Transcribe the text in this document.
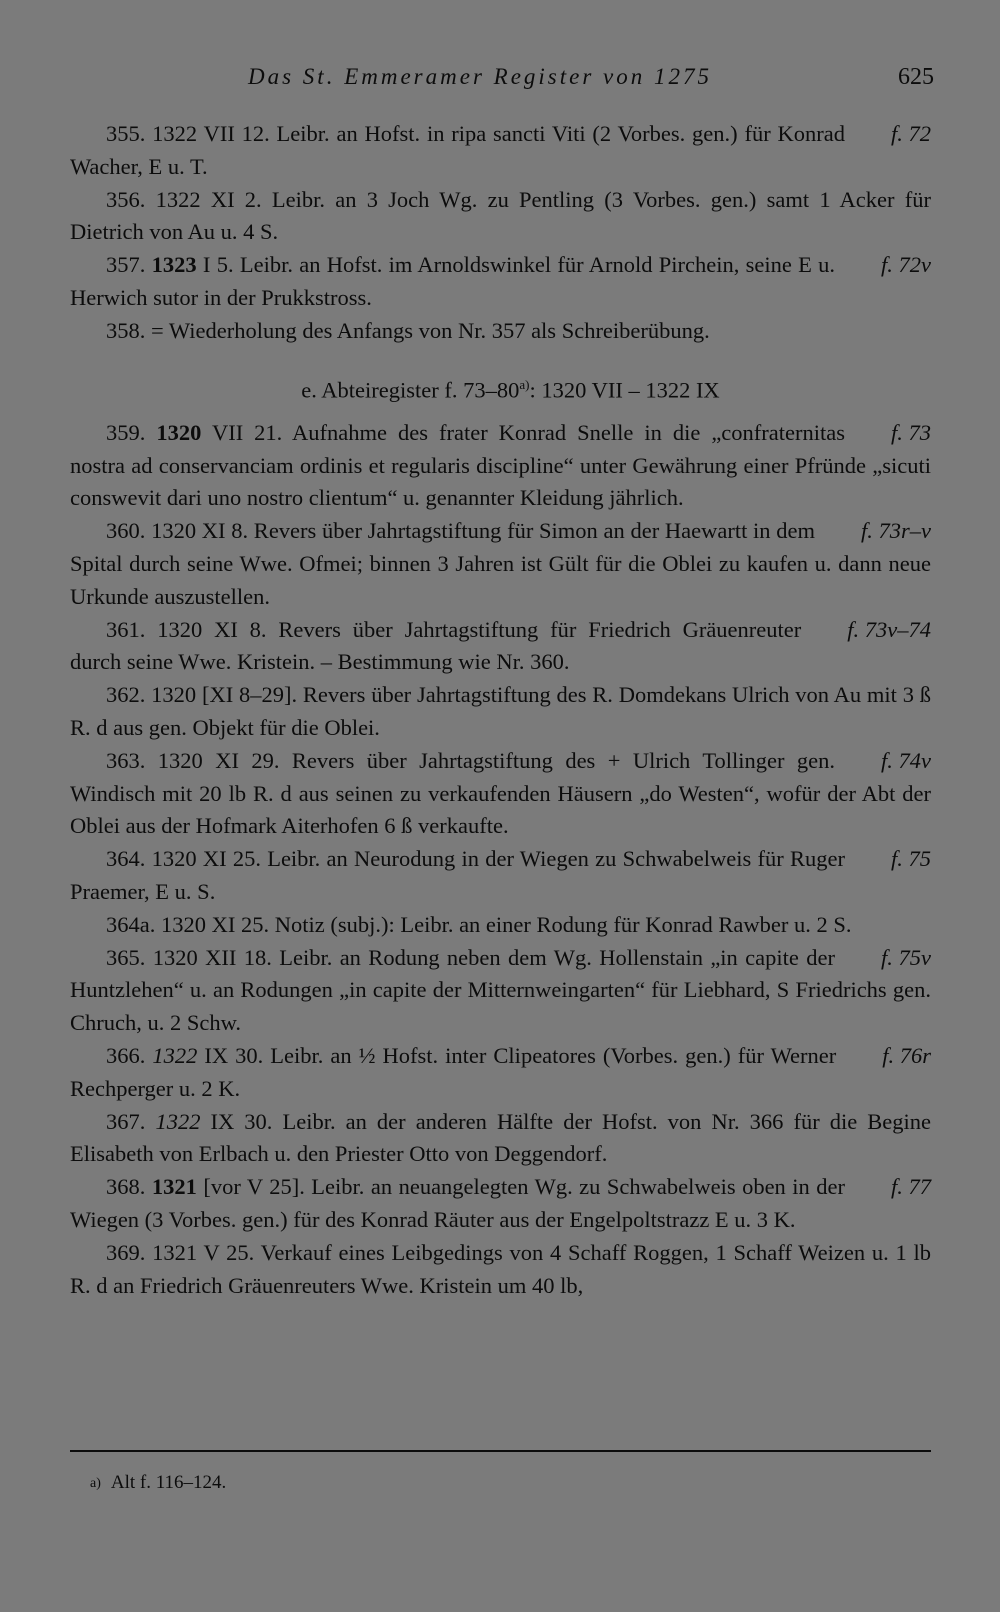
Das St. Emmeramer Register von 1275	625

f. 72
355. 1322 VII 12. Leibr. an Hofst. in ripa sancti Viti (2 Vorbes. gen.) für Konrad Wacher, E u. T.

356. 1322 XI 2. Leibr. an 3 Joch Wg. zu Pentling (3 Vorbes. gen.) samt 1 Acker für Dietrich von Au u. 4 S.

f. 72v
357. 1323 I 5. Leibr. an Hofst. im Arnoldswinkel für Arnold Pirchein, seine E u. Herwich sutor in der Prukkstross.

358. = Wiederholung des Anfangs von Nr. 357 als Schreiberübung.

e. Abteiregister f. 73–80$^{a)}$: 1320 VII – 1322 IX

f. 73
359. 1320 VII 21. Aufnahme des frater Konrad Snelle in die „confraternitas nostra ad conservanciam ordinis et regularis discipline“ unter Gewährung einer Pfründe „sicuti conswevit dari uno nostro clientum“ u. genannter Kleidung jährlich.

f. 73r–v
360. 1320 XI 8. Revers über Jahrtagstiftung für Simon an der Haewartt in dem Spital durch seine Wwe. Ofmei; binnen 3 Jahren ist Gült für die Oblei zu kaufen u. dann neue Urkunde auszustellen.

f. 73v–74
361. 1320 XI 8. Revers über Jahrtagstiftung für Friedrich Gräuenreuter durch seine Wwe. Kristein. – Bestimmung wie Nr. 360.

362. 1320 [XI 8–29]. Revers über Jahrtagstiftung des R. Domdekans Ulrich von Au mit 3 ß R. d aus gen. Objekt für die Oblei.

f. 74v
363. 1320 XI 29. Revers über Jahrtagstiftung des + Ulrich Tollinger gen. Windisch mit 20 lb R. d aus seinen zu verkaufenden Häusern „do Westen“, wofür der Abt der Oblei aus der Hofmark Aiterhofen 6 ß verkaufte.

f. 75
364. 1320 XI 25. Leibr. an Neurodung in der Wiegen zu Schwabelweis für Ruger Praemer, E u. S.

364a. 1320 XI 25. Notiz (subj.): Leibr. an einer Rodung für Konrad Rawber u. 2 S.

f. 75v
365. 1320 XII 18. Leibr. an Rodung neben dem Wg. Hollenstain „in capite der Huntzlehen“ u. an Rodungen „in capite der Mitternweingarten“ für Liebhard, S Friedrichs gen. Chruch, u. 2 Schw.

f. 76r
366. 1322 IX 30. Leibr. an ½ Hofst. inter Clipeatores (Vorbes. gen.) für Werner Rechperger u. 2 K.

367. 1322 IX 30. Leibr. an der anderen Hälfte der Hofst. von Nr. 366 für die Begine Elisabeth von Erlbach u. den Priester Otto von Deggendorf.

f. 77
368. 1321 [vor V 25]. Leibr. an neuangelegten Wg. zu Schwabelweis oben in der Wiegen (3 Vorbes. gen.) für des Konrad Räuter aus der Engelpoltstrazz E u. 3 K.

369. 1321 V 25. Verkauf eines Leibgedings von 4 Schaff Roggen, 1 Schaff Weizen u. 1 lb R. d an Friedrich Gräuenreuters Wwe. Kristein um 40 lb,

a) Alt f. 116–124.
